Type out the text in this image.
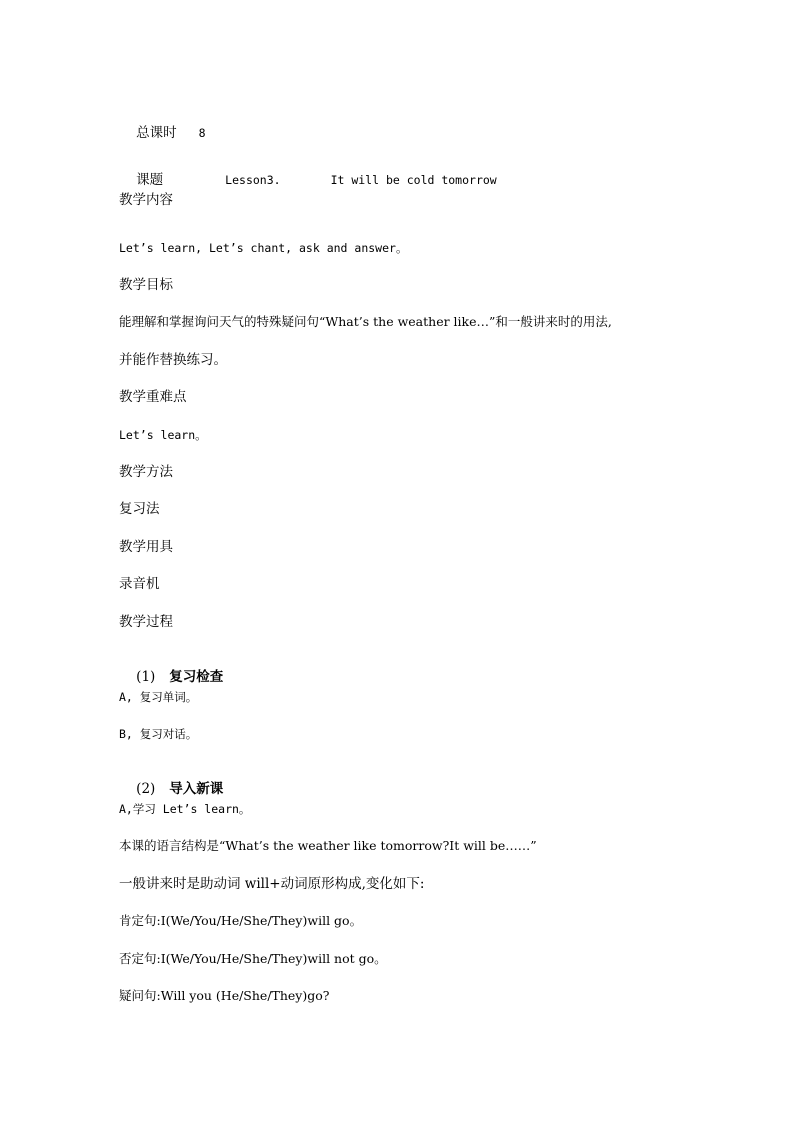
总课时 8

课题	Lesson3.	It will be cold tomorrow

教学内容
Let’s learn, Let’s chant, ask and answer。
教学目标
能理解和掌握询问天气的特殊疑问句“What’s the weather like…”和一般讲来时的用法,
并能作替换练习。
教学重难点
Let’s learn。
教学方法
复习法
教学用具
录音机
教学过程

(1) 复习检查

A, 复习单词。
B, 复习对话。

(2) 导入新课

A,学习 Let’s learn。
本课的语言结构是“What’s the weather like tomorrow?It will be……”
一般讲来时是助动词 will+动词原形构成,变化如下:
肯定句:I(We/You/He/She/They)will go。
否定句:I(We/You/He/She/They)will not go。
疑问句:Will you (He/She/They)go?
